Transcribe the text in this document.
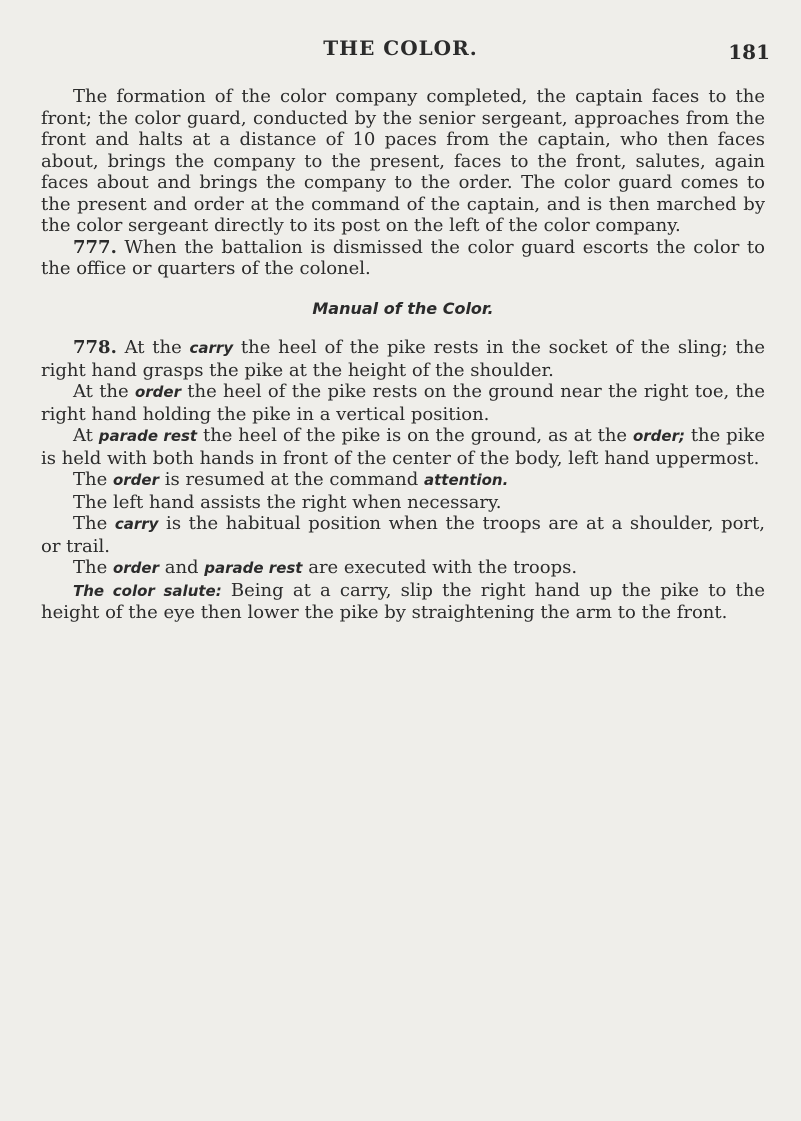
THE COLOR.	181

The formation of the color company completed, the captain faces to the front; the color guard, conducted by the senior sergeant, approaches from the front and halts at a distance of 10 paces from the captain, who then faces about, brings the company to the present, faces to the front, salutes, again faces about and brings the company to the order. The color guard comes to the present and order at the command of the captain, and is then marched by the color sergeant directly to its post on the left of the color company.

777. When the battalion is dismissed the color guard escorts the color to the office or quarters of the colonel.

Manual of the Color.

778. At the carry the heel of the pike rests in the socket of the sling; the right hand grasps the pike at the height of the shoulder.

At the order the heel of the pike rests on the ground near the right toe, the right hand holding the pike in a vertical position.

At parade rest the heel of the pike is on the ground, as at the order; the pike is held with both hands in front of the center of the body, left hand uppermost.

The order is resumed at the command attention.

The left hand assists the right when necessary.

The carry is the habitual position when the troops are at a shoulder, port, or trail.

The order and parade rest are executed with the troops.

The color salute: Being at a carry, slip the right hand up the pike to the height of the eye then lower the pike by straightening the arm to the front.
